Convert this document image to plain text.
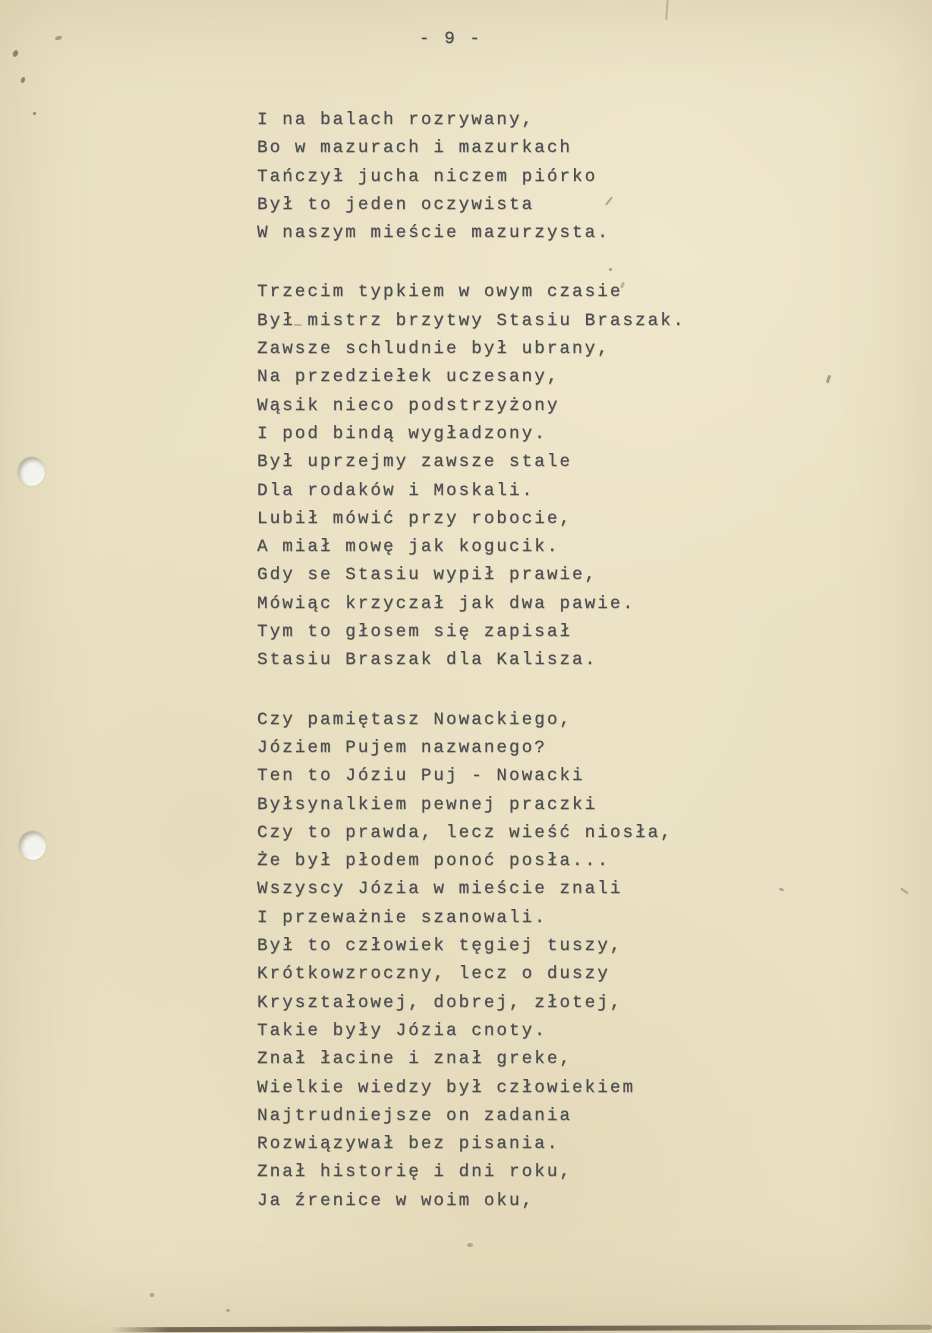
- 9 -
I na balach rozrywany,
Bo w mazurach i mazurkach
Tańczył jucha niczem piórko
Był to jeden oczywista
W naszym mieście mazurzysta.
Trzecim typkiem w owym czasie
Był mistrz brzytwy Stasiu Braszak.
Zawsze schludnie był ubrany,
Na przedziełek uczesany,
Wąsik nieco podstrzyżony
I pod bindą wygładzony.
Był uprzejmy zawsze stale
Dla rodaków i Moskali.
Lubił mówić przy robocie,
A miał mowę jak kogucik.
Gdy se Stasiu wypił prawie,
Mówiąc krzyczał jak dwa pawie.
Tym to głosem się zapisał
Stasiu Braszak dla Kalisza.
Czy pamiętasz Nowackiego,
Józiem Pujem nazwanego?
Ten to Józiu Puj - Nowacki
Byłsynalkiem pewnej praczki
Czy to prawda, lecz wieść niosła,
Że był płodem ponoć posła...
Wszyscy Józia w mieście znali
I przeważnie szanowali.
Był to człowiek tęgiej tuszy,
Krótkowzroczny, lecz o duszy
Kryształowej, dobrej, złotej,
Takie były Józia cnoty.
Znał łacine i znał greke,
Wielkie wiedzy był człowiekiem
Najtrudniejsze on zadania
Rozwiązywał bez pisania.
Znał historię i dni roku,
Ja źrenice w woim oku,
